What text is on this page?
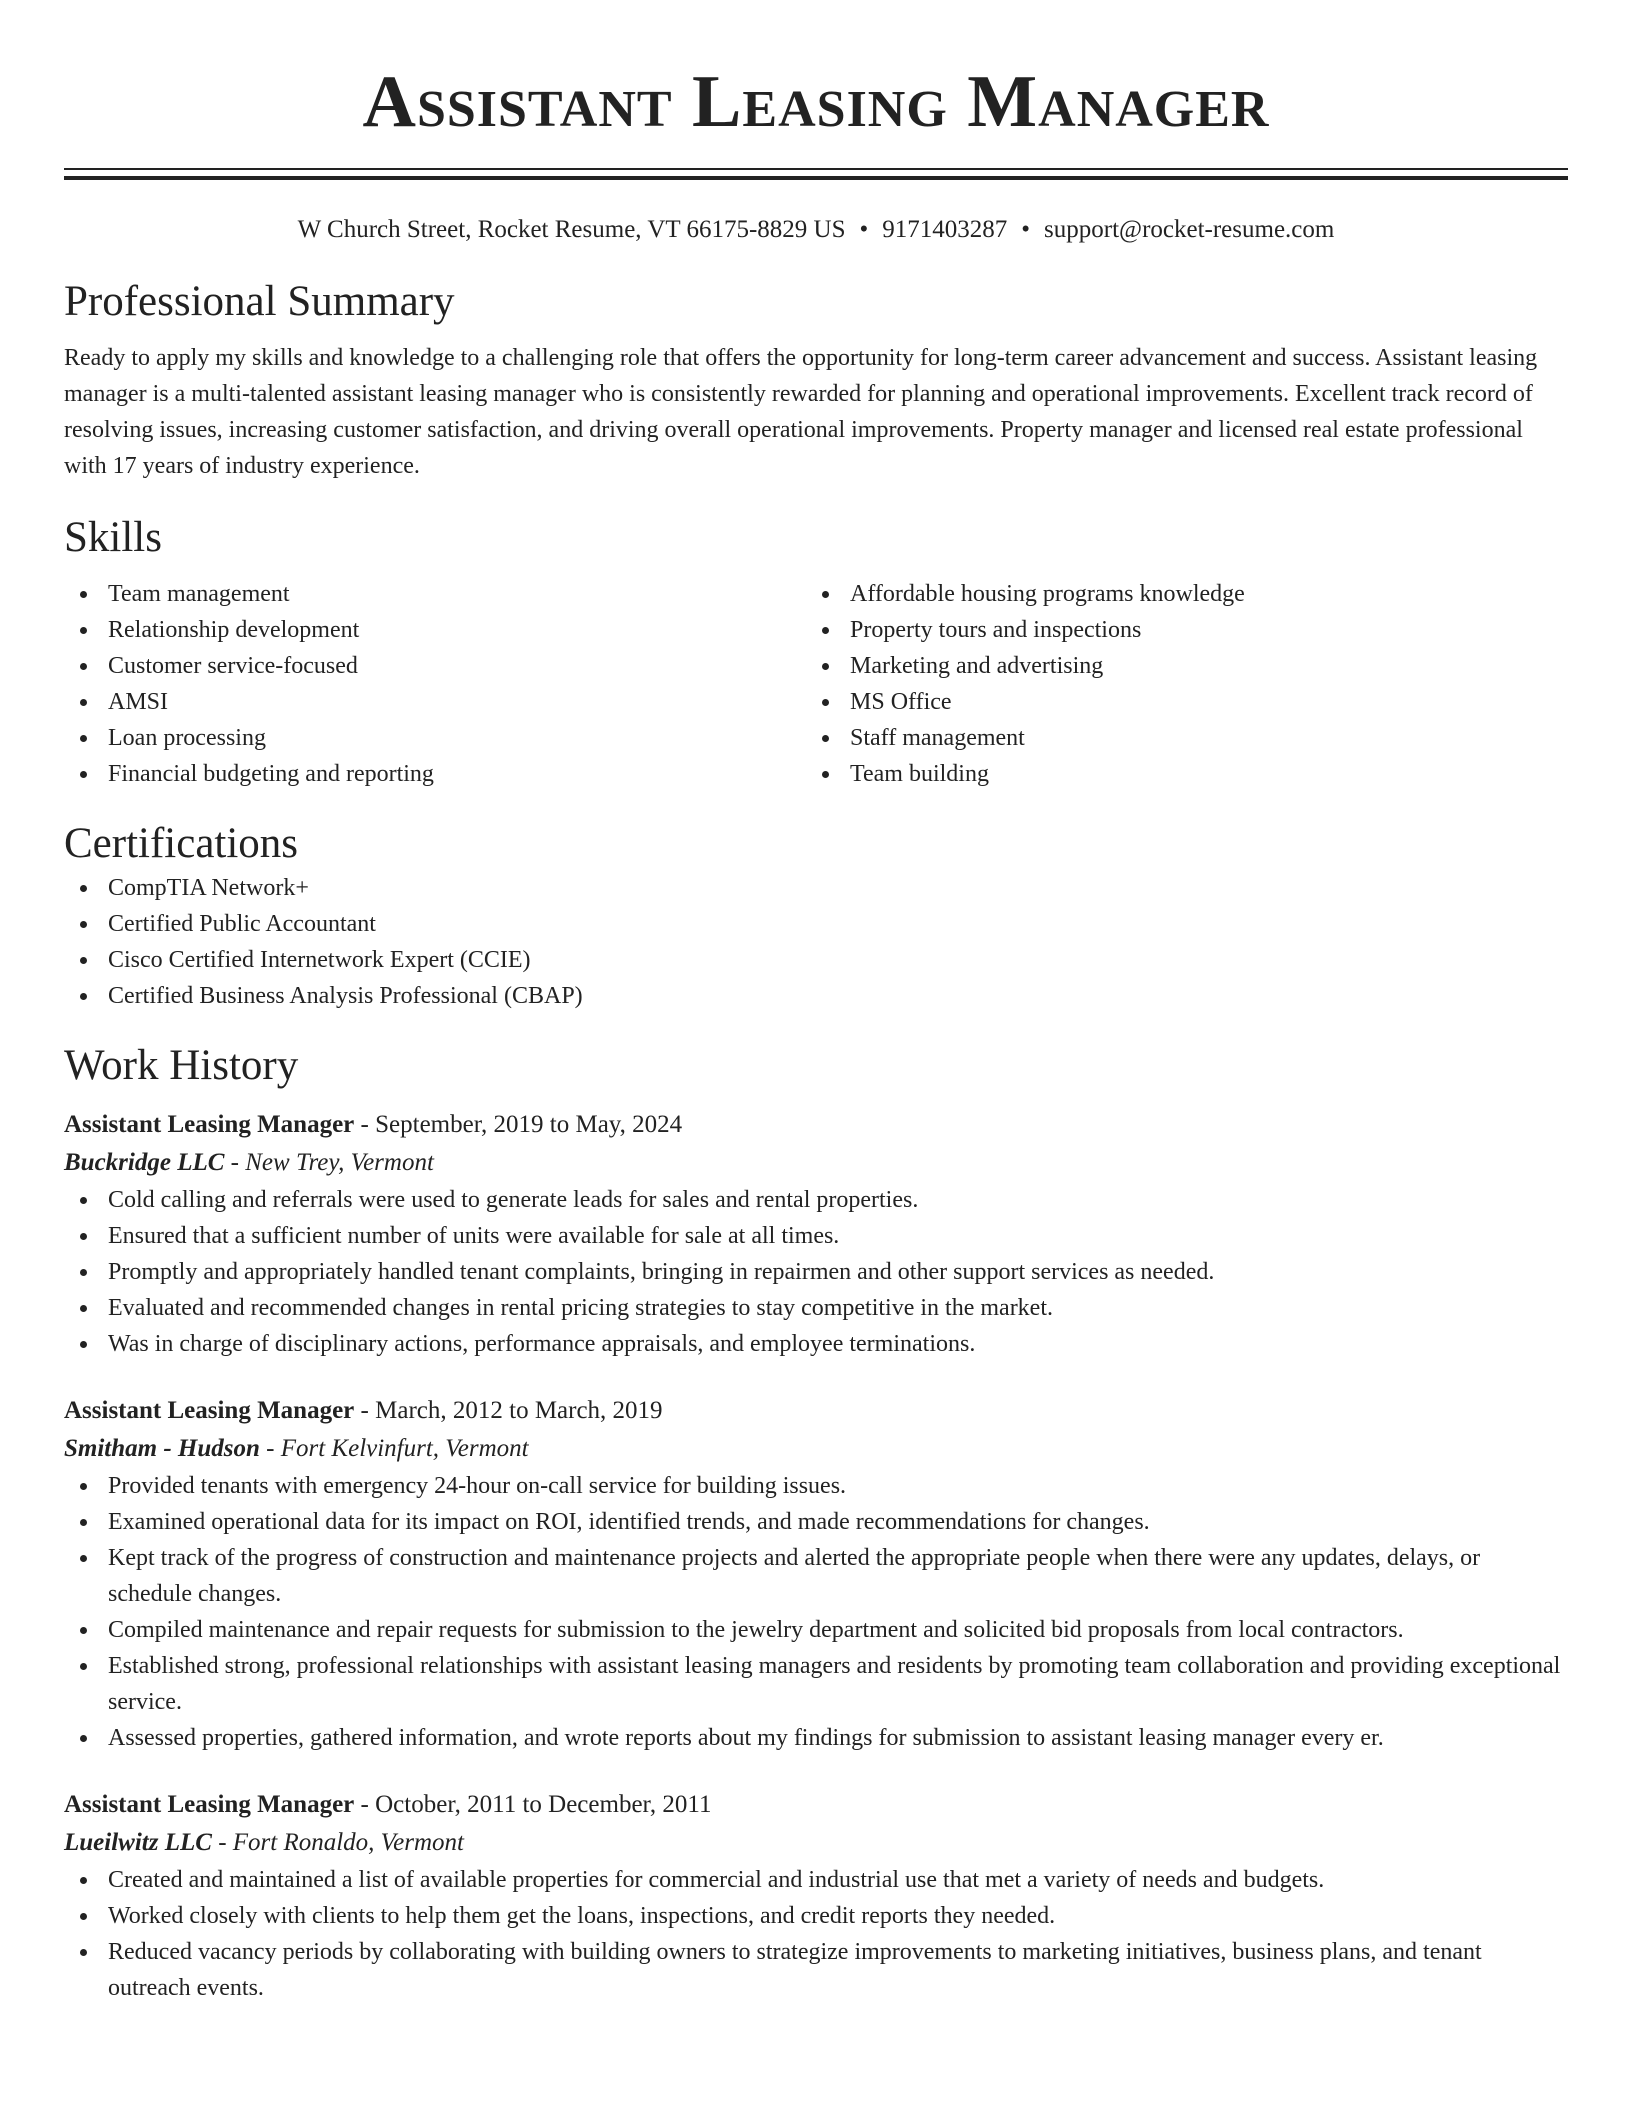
Assistant Leasing Manager
W Church Street, Rocket Resume, VT 66175-8829 US • 9171403287 • support@rocket-resume.com
Professional Summary
Ready to apply my skills and knowledge to a challenging role that offers the opportunity for long-term career advancement and success. Assistant leasing manager is a multi-talented assistant leasing manager who is consistently rewarded for planning and operational improvements. Excellent track record of resolving issues, increasing customer satisfaction, and driving overall operational improvements. Property manager and licensed real estate professional with 17 years of industry experience.
Skills
Team management
Relationship development
Customer service-focused
AMSI
Loan processing
Financial budgeting and reporting
Affordable housing programs knowledge
Property tours and inspections
Marketing and advertising
MS Office
Staff management
Team building
Certifications
CompTIA Network+
Certified Public Accountant
Cisco Certified Internetwork Expert (CCIE)
Certified Business Analysis Professional (CBAP)
Work History
Assistant Leasing Manager - September, 2019 to May, 2024
Buckridge LLC - New Trey, Vermont
Cold calling and referrals were used to generate leads for sales and rental properties.
Ensured that a sufficient number of units were available for sale at all times.
Promptly and appropriately handled tenant complaints, bringing in repairmen and other support services as needed.
Evaluated and recommended changes in rental pricing strategies to stay competitive in the market.
Was in charge of disciplinary actions, performance appraisals, and employee terminations.
Assistant Leasing Manager - March, 2012 to March, 2019
Smitham - Hudson - Fort Kelvinfurt, Vermont
Provided tenants with emergency 24-hour on-call service for building issues.
Examined operational data for its impact on ROI, identified trends, and made recommendations for changes.
Kept track of the progress of construction and maintenance projects and alerted the appropriate people when there were any updates, delays, or schedule changes.
Compiled maintenance and repair requests for submission to the jewelry department and solicited bid proposals from local contractors.
Established strong, professional relationships with assistant leasing managers and residents by promoting team collaboration and providing exceptional service.
Assessed properties, gathered information, and wrote reports about my findings for submission to assistant leasing manager every er.
Assistant Leasing Manager - October, 2011 to December, 2011
Lueilwitz LLC - Fort Ronaldo, Vermont
Created and maintained a list of available properties for commercial and industrial use that met a variety of needs and budgets.
Worked closely with clients to help them get the loans, inspections, and credit reports they needed.
Reduced vacancy periods by collaborating with building owners to strategize improvements to marketing initiatives, business plans, and tenant outreach events.
